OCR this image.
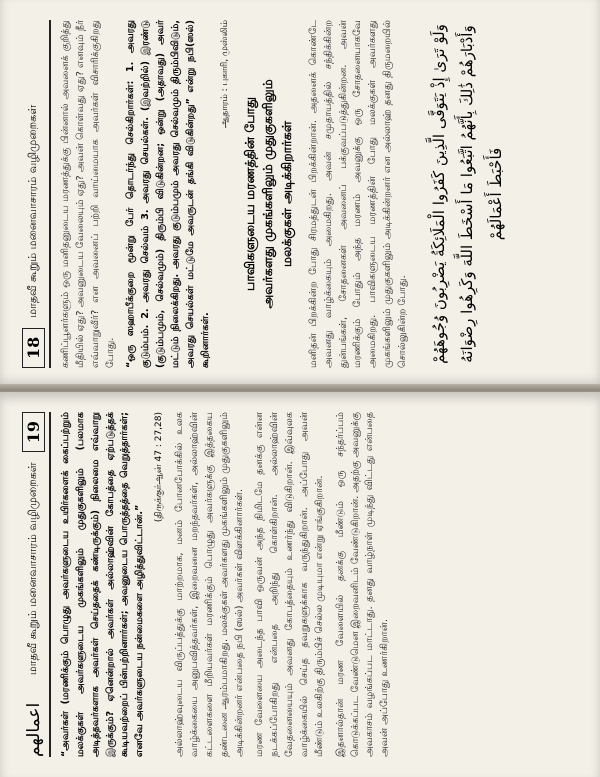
18
மாதவீ கூறும் மனைவாசாரம் வழிமுறைகள் கணிப்பூனர்களும் ஒரு மனிதனுடைய மரணத்துக்கு பின்னால் அவனைக் குறித்து மீதியில் ஏது? அவனுடைய வேலையும் ஏது? அவன் கொள்வது ஏது? எனவும் நீர் எவ்வாறுவீர்? என அவனைப் பற்றி வாய்மையாக அவர்கள் விசாரிக்குகிறது போது. “ஒரு ஸஹாபீக்குறை மூன்று பேர் தொடர்ந்து செல்கிறார்கள்: 1. அவரது குடும்பம். 2. அவரது செல்வம் 3. அவரது செயல்கள். (இவற்றில்) இரண்டு (குடும்பமும், செல்வமும்) திரும்பி விடுகின்றன; ஒன்று (அதாவது) அவர் மட்டும் நிலைக்கிறது. அவரது குடும்பமும் அவரது செல்வமும் திரும்பிவிடும், அவரது செயல்கள் மட்டுமே அவருடன் தங்கி விடுகின்றது” என்று நபி(ஸல்) கூறினார்கள்.

ஆதாரம் : புகாரி, முஸ்லிம்

பாவிகளுடைய மரணத்தின் போது அவர்களது முகங்களிலும் முதுகுகளிலும் மலக்குகள் அடிக்கிறார்கள் மனிதன் பிறக்கின்ற போது சிரமத்துடன் பிறக்கின்றான். அதனைக் கொண்டே அவனது வாழ்க்கையும் அமைகிறது. அவன் சமுதாயத்தில் சந்திக்கின்ற துன்பங்கள், சோதனைகள் அவனைப் பக்குவப்படுத்துகின்றன. அவன் மரணிக்கும் போதும் அந்த மரணம் அவனுக்கு ஒரு சோதனையாகவே அமைகிறது. பாவிகளுடைய மரணத்தின் போது மலக்குகள் அவர்களது முகங்களிலும் முதுகுகளிலும் அடிக்கின்றனர் என அல்லாஹ் தனது திருமறையில் சொல்லுகின்ற போது.	وَلَوْ تَرَىٰ إِذْ يَتَوَفَّى الَّذِينَ كَفَرُوا الْمَلَائِكَةُ يَضْرِبُونَ وُجُوهَهُمْ وَأَدْبَارَهُمْ ذَٰلِكَ بِأَنَّهُمُ اتَّبَعُوا مَا أَسْخَطَ اللَّهَ وَكَرِهُوا رِضْوَانَهُ فَأَحْبَطَ أَعْمَالَهُمْ
اعمالهم
மாதவீ கூறும் மனைவாசாரம் வழிமுறைகள்
19 “அவர்கள் (மரணிக்கும் பொழுது அவர்களுடைய உயிர்களைக் கைப்பற்றும் மலக்குகள் அவர்களுடைய முகங்களிலும் முதுகுகளிலும் (பலமாக அடித்தவர்களாக அவர்கள் செய்ததைக் கண்டிருக்கும்) நிலைமை எவ்வாறு இருக்கும்? ஏனென்றால் அவர்கள் அல்லாஹ்வின் கோபத்தை ஏற்படுத்தக் கூடியவற்றைப் பின்பற்றினார்கள்; அவனுடைய பொருத்தத்தை வெறுத்தார்கள்; எனவே அவர்களுடைய நன்மைகளை அழித்துவிட்டான்.”

(திருக்குர்ஆன் 47 : 27,28) அல்லாஹ்வுடைய விருப்பத்துக்கு மாற்றமாக, மனம் போனபோக்கில் உலக வாழ்க்கையை அனுபவித்தவர்கள், இறைவனை மறந்தவர்கள், அல்லாஹ்வின் கட்டளைகளை மீறியவர்கள் மரணிக்கும் பொழுது அவர்களுக்கு இத்தகைய தண்டனை ஆரம்பமாகிறது. மலக்குகள் அவர்களது முகங்களிலும் முதுகுகளிலும் அடிக்கின்றனர் என்பதை நபி (ஸல்) அவர்கள் விளக்கினார்கள். மரண வேளையை அடைந்த பாவி ஒருவன் அந்த நிமிடமே தனக்கு என்ன நடக்கப்போகிறது என்பதை அறிந்து கொள்கிறான். அல்லாஹ்வின் வேதனையையும் அவனது கோபத்தையும் உணர்ந்து விடுகிறான். இவ்வுலக வாழ்க்கையில் செய்த தவறுகளுக்காக வருந்துகிறான். அப்போது அவன் மீண்டும் உலகிற்கு திரும்பிச் செல்ல முடியுமா என்று ஏங்குகிறான். இதனால்தான் மரண வேளையில் தனக்கு மீண்டும் ஒரு சந்தர்ப்பம் கொடுக்கப்பட வேண்டுமென இறைவனிடம் வேண்டுகிறான். அதற்கு அவனுக்கு அவகாசம் வழங்கப்பட மாட்டாது. தனது வாழ்நாள் முடிந்து விட்டது என்பதை அவன் அப்போது உணர்கிறான்.
